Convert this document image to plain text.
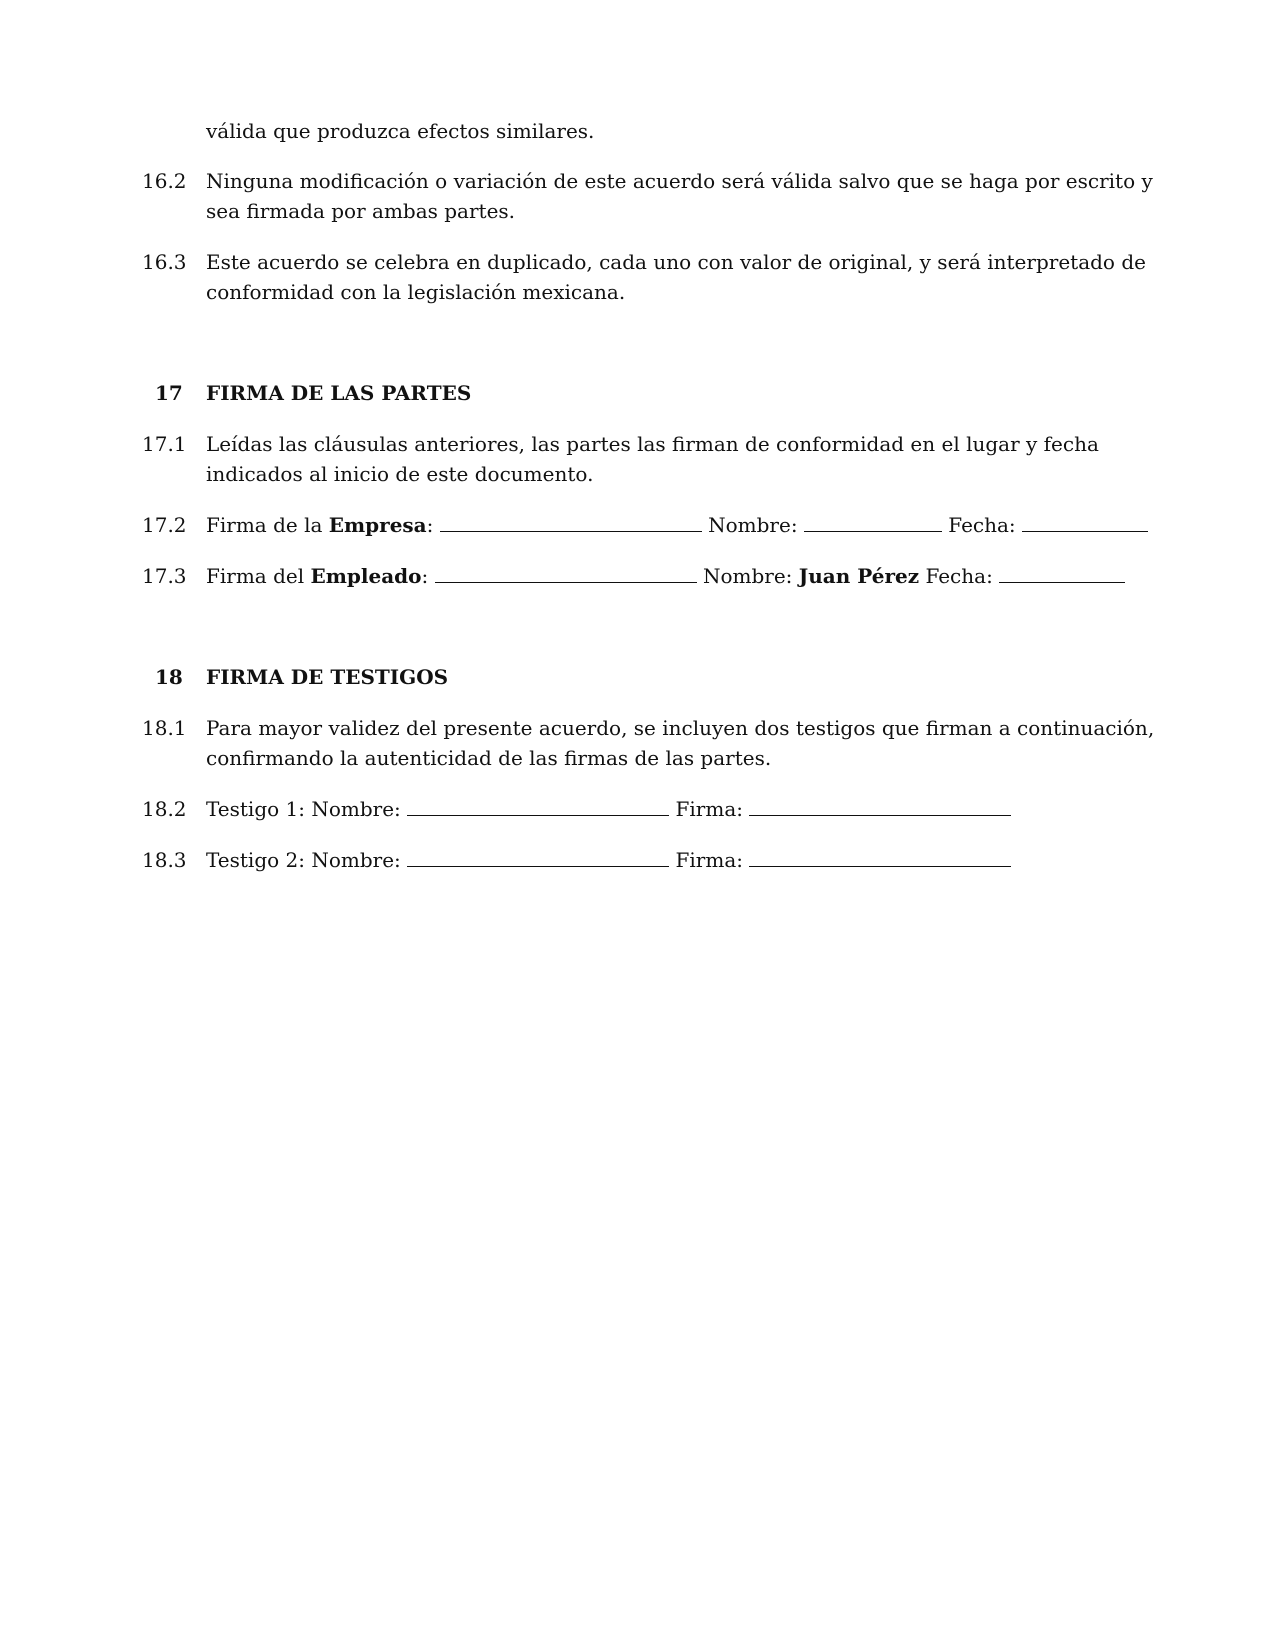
válida que produzca efectos similares.
16.2 Ninguna modificación o variación de este acuerdo será válida salvo que se haga por escrito y
sea firmada por ambas partes.
16.3 Este acuerdo se celebra en duplicado, cada uno con valor de original, y será interpretado de
conformidad con la legislación mexicana.
17	FIRMA DE LAS PARTES
17.1 Leídas las cláusulas anteriores, las partes las firman de conformidad en el lugar y fecha
indicados al inicio de este documento.
17.2 Firma de la Empresa:	Nombre:	Fecha:
17.3 Firma del Empleado:	Nombre: Juan Pérez Fecha:
18	FIRMA DE TESTIGOS
18.1 Para mayor validez del presente acuerdo, se incluyen dos testigos que firman a continuación,
confirmando la autenticidad de las firmas de las partes.
18.2 Testigo 1: Nombre:	Firma:
18.3 Testigo 2: Nombre:	Firma:
